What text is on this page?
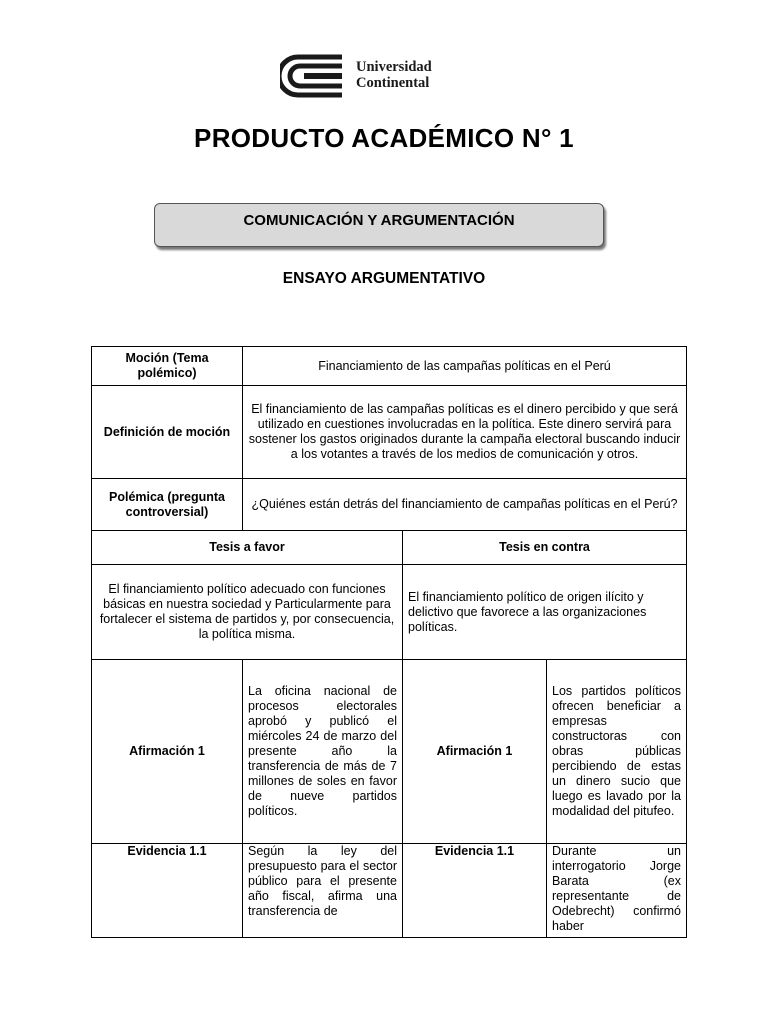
Universidad
Continental
PRODUCTO ACADÉMICO N° 1
COMUNICACIÓN Y ARGUMENTACIÓN
ENSAYO ARGUMENTATIVO
Moción (Tema polémico)	Financiamiento de las campañas políticas en el Perú		
Definición de moción	El financiamiento de las campañas políticas es el dinero percibido y que será utilizado en cuestiones involucradas en la política. Este dinero servirá para sostener los gastos originados durante la campaña electoral buscando inducir a los votantes a través de los medios de comunicación y otros.		
Polémica (pregunta controversial)	¿Quiénes están detrás del financiamiento de campañas políticas en el Perú?		
Tesis a favor		Tesis en contra	
El financiamiento político adecuado con funciones básicas en nuestra sociedad y Particularmente para fortalecer el sistema de partidos y, por consecuencia, la política misma.		El financiamiento político de origen ilícito y delictivo que favorece a las organizaciones políticas.	
Afirmación 1	La oficina nacional de procesos electorales aprobó y publicó el miércoles 24 de marzo del presente año la transferencia de más de 7 millones de soles en favor de nueve partidos políticos.	Afirmación 1	Los partidos políticos ofrecen beneficiar a empresas constructoras con obras públicas percibiendo de estas un dinero sucio que luego es lavado por la modalidad del pitufeo.
Evidencia 1.1	Según la ley del presupuesto para el sector público para el presente año fiscal, afirma una transferencia de	Evidencia 1.1	Durante un interrogatorio Jorge Barata (ex representante de Odebrecht) confirmó haber
